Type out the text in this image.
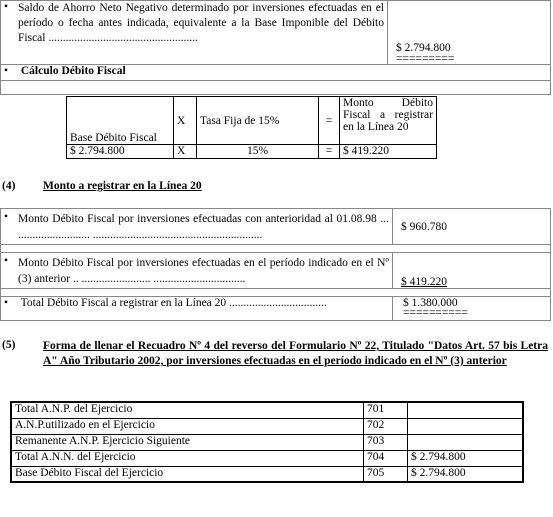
• Saldo de Ahorro Neto Negativo determinado por inversiones efectuadas en el período o fecha antes indicada, equivalente a la Base Imponible del Débito Fiscal ....................................................

$ 2.794.800
=========

• Cálculo Débito Fiscal

Base Débito Fiscal	X	Tasa Fija de 15%	=	Monto Débito Fiscal a registrar en la Línea 20
$ 2.794.800	X	15%	=	$ 419.220
(4) Monto a registrar en la Línea 20
• Monto Débito Fiscal por inversiones efectuadas con anterioridad al 01.08.98 ... ......................... ...........................................................	$ 960.780

• Monto Débito Fiscal por inversiones efectuadas en el período indicado en el Nº (3) anterior .. ........................ ................................	$ 419.220

• Total Débito Fiscal a registrar en la Línea 20 ..................................	$ 1.380.000
==========
(5) Forma de llenar el Recuadro Nº 4 del reverso del Formulario Nº 22, Titulado "Datos Art. 57 bis Letra A" Año Tributario 2002, por inversiones efectuadas en el período indicado en el Nº (3) anterior
Total A.N.P. del Ejercicio	701	
A.N.P.utilizado en el Ejercicio	702	
Remanente A.N.P. Ejercicio Siguiente	703	
Total A.N.N. del Ejercicio	704	$ 2.794.800
Base Débito Fiscal del Ejercicio	705	$ 2.794.800
